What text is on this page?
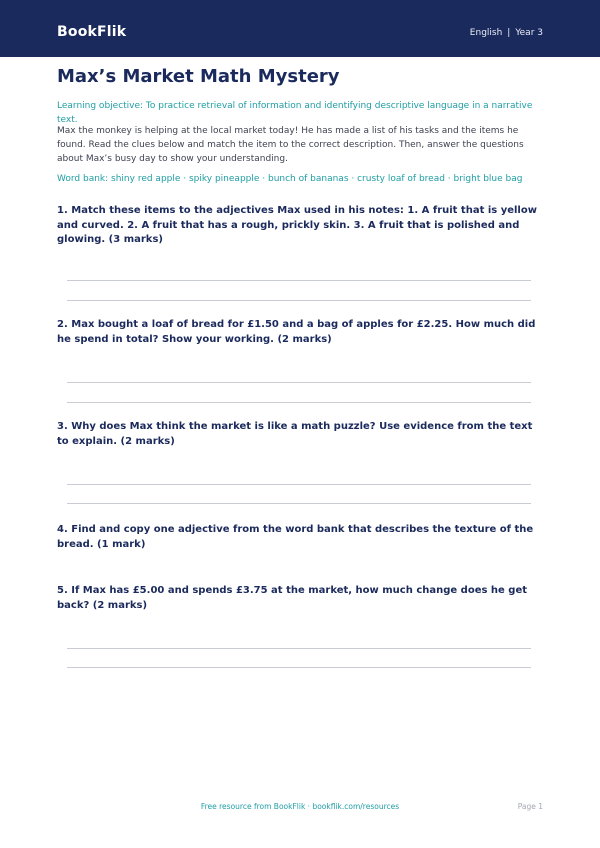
BookFlik	English | Year 3
Max’s Market Math Mystery
Learning objective: To practice retrieval of information and identifying descriptive language in a narrative text.
Max the monkey is helping at the local market today! He has made a list of his tasks and the items he found. Read the clues below and match the item to the correct description. Then, answer the questions about Max’s busy day to show your understanding.
Word bank: shiny red apple · spiky pineapple · bunch of bananas · crusty loaf of bread · bright blue bag
1. Match these items to the adjectives Max used in his notes: 1. A fruit that is yellow and curved. 2. A fruit that has a rough, prickly skin. 3. A fruit that is polished and glowing. (3 marks)
2. Max bought a loaf of bread for £1.50 and a bag of apples for £2.25. How much did he spend in total? Show your working. (2 marks)
3. Why does Max think the market is like a math puzzle? Use evidence from the text to explain. (2 marks)
4. Find and copy one adjective from the word bank that describes the texture of the bread. (1 mark)
5. If Max has £5.00 and spends £3.75 at the market, how much change does he get back? (2 marks)
Free resource from BookFlik · bookflik.com/resources	Page 1
